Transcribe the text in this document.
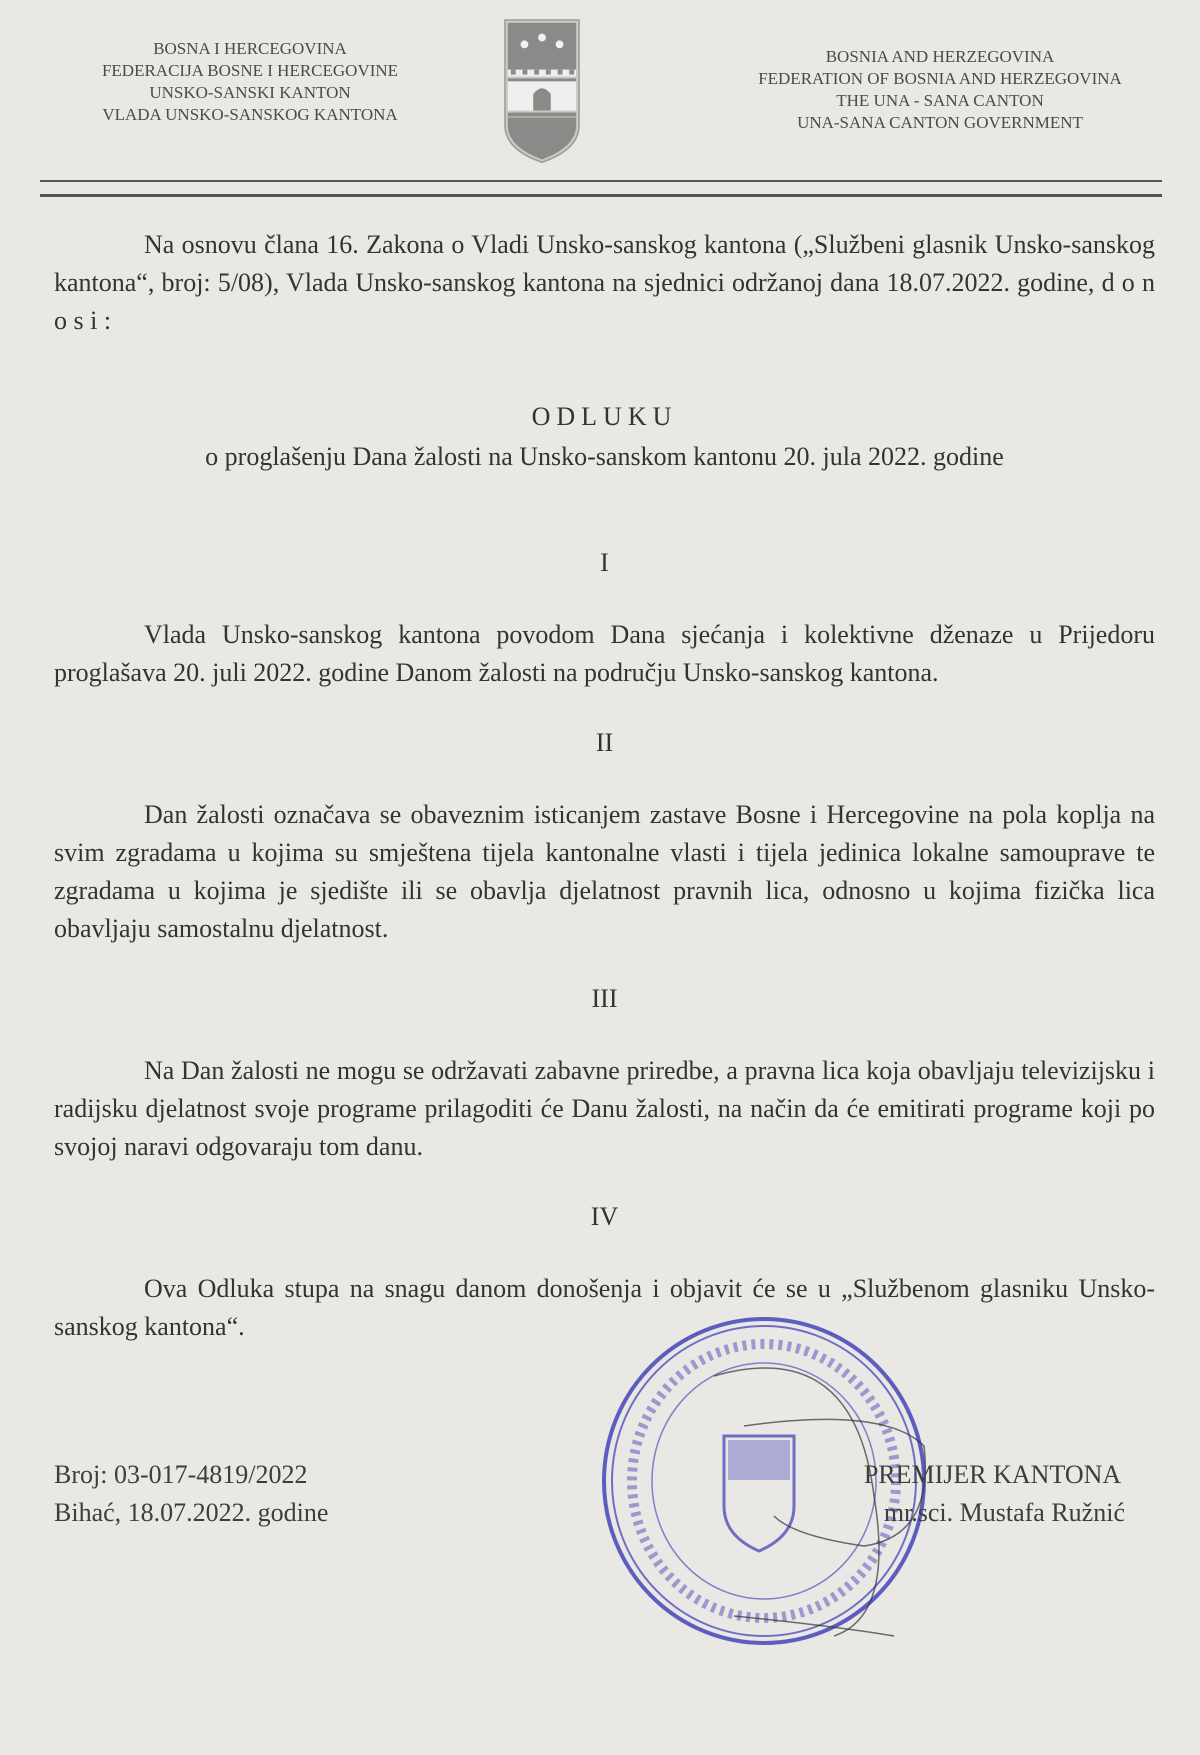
BOSNA I HERCEGOVINA
FEDERACIJA BOSNE I HERCEGOVINE
UNSKO-SANSKI KANTON
VLADA UNSKO-SANSKOG KANTONA
BOSNIA AND HERZEGOVINA
FEDERATION OF BOSNIA AND HERZEGOVINA
THE UNA - SANA CANTON
UNA-SANA CANTON GOVERNMENT

Na osnovu člana 16. Zakona o Vladi Unsko-sanskog kantona („Službeni glasnik Unsko-sanskog kantona“, broj: 5/08), Vlada Unsko-sanskog kantona na sjednici održanoj dana 18.07.2022. godine, d o n o s i :

ODLUKU

o proglašenju Dana žalosti na Unsko-sanskom kantonu 20. jula 2022. godine

I

Vlada Unsko-sanskog kantona povodom Dana sjećanja i kolektivne dženaze u Prijedoru proglašava 20. juli 2022. godine Danom žalosti na području Unsko-sanskog kantona.

II

Dan žalosti označava se obaveznim isticanjem zastave Bosne i Hercegovine na pola koplja na svim zgradama u kojima su smještena tijela kantonalne vlasti i tijela jedinica lokalne samouprave te zgradama u kojima je sjedište ili se obavlja djelatnost pravnih lica, odnosno u kojima fizička lica obavljaju samostalnu djelatnost.

III

Na Dan žalosti ne mogu se održavati zabavne priredbe, a pravna lica koja obavljaju televizijsku i radijsku djelatnost svoje programe prilagoditi će Danu žalosti, na način da će emitirati programe koji po svojoj naravi odgovaraju tom danu.

IV

Ova Odluka stupa na snagu danom donošenja i objavit će se u „Službenom glasniku Unsko-sanskog kantona“.

Broj: 03-017-4819/2022
Bihać, 18.07.2022. godine
PREMIJER KANTONA
mr.sci. Mustafa Ružnić
